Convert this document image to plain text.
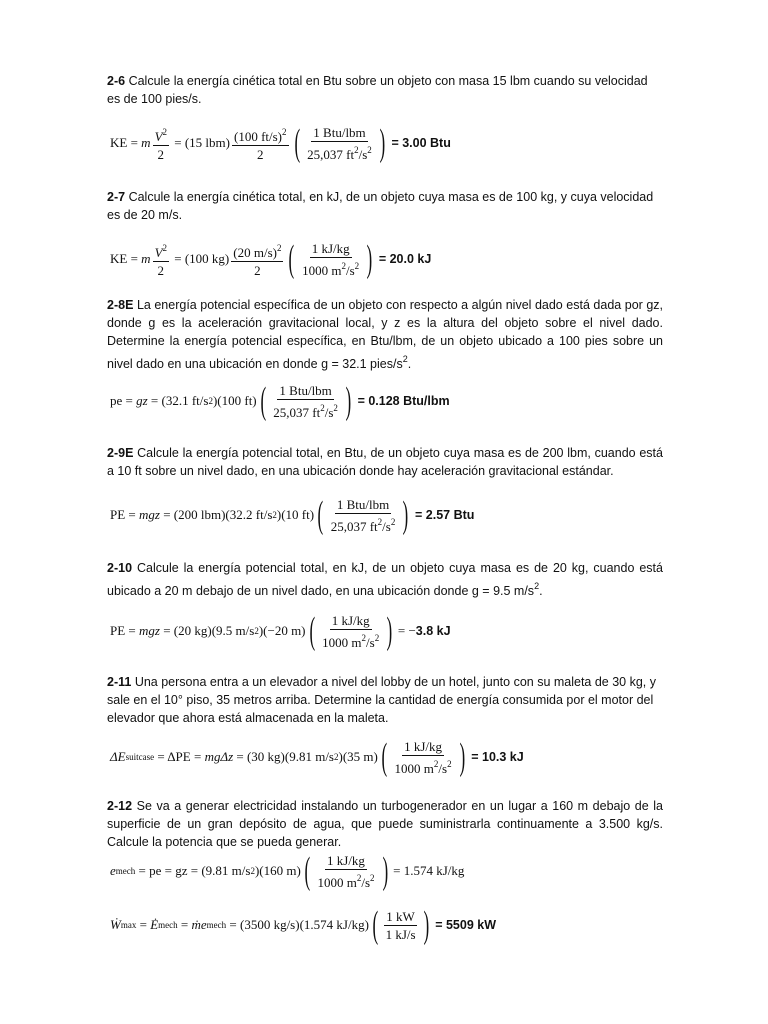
2-6 Calcule la energía cinética total en Btu sobre un objeto con masa 15 lbm cuando su velocidad es de 100 pies/s.
KE = m $\frac{V^2}{2} = (15$ $lbm) \frac{(100 ft/s)^2}{2}$ ( $\frac{\text{1 Btu/lbm}}{25,037 ft^2/s^2}$ ) = 3.00 Btu
2-7 Calcule la energía cinética total, en kJ, de un objeto cuya masa es de 100 kg, y cuya velocidad es de 20 m/s.
KE = m $\frac{V^2}{2} = (100$ $kg) \frac{(20 m/s)^2}{2}$ ( $\frac{1 kJ/kg}{1000 m^2/s^2}$ ) = 20.0 kJ
2-8E La energía potencial específica de un objeto con respecto a algún nivel dado está dada por gz, donde g es la aceleración gravitacional local, y z es la altura del objeto sobre el nivel dado. Determine la energía potencial específica, en Btu/lbm, de un objeto ubicado a 100 pies sobre un nivel dado en una ubicación en donde g = 32.1 pies/$s^2$.
pe = gz = (32.1 ft/s 2 )(100 ft) ( $\frac{\text{1 Btu/lbm}}{25,037 ft^2/s^2}$ ) = 0.128 Btu/lbm
2-9E Calcule la energía potencial total, en Btu, de un objeto cuya masa es de 200 lbm, cuando está a 10 ft sobre un nivel dado, en una ubicación donde hay aceleración gravitacional estándar.
PE = mgz = (200 lbm)(32.2 ft/s 2 )(10 ft) ( $\frac{\text{1 Btu/lbm}}{25,037 ft^2/s^2}$ ) = 2.57 Btu
2-10 Calcule la energía potencial total, en kJ, de un objeto cuya masa es de 20 kg, cuando está ubicado a 20 m debajo de un nivel dado, en una ubicación donde g = 9.5 $m/s^2$.
PE = mgz = (20 kg)(9.5 m/s 2 )(−20 m) ( $\frac{1 kJ/kg}{1000 m^2/s^2}$ ) = − 3.8 kJ
2-11 Una persona entra a un elevador a nivel del lobby de un hotel, junto con su maleta de 30 kg, y sale en el 10° piso, 35 metros arriba. Determine la cantidad de energía consumida por el motor del elevador que ahora está almacenada en la maleta.
ΔE suitcase = ΔPE = mgΔz = (30 kg)(9.81 m/s 2 )(35 m) ( $\frac{1 kJ/kg}{1000 m^2/s^2}$ ) = 10.3 kJ
2-12 Se va a generar electricidad instalando un turbogenerador en un lugar a 160 m debajo de la superficie de un gran depósito de agua, que puede suministrarla continuamente a 3.500 kg/s. Calcule la potencia que se pueda generar.
e mech = pe = gz = (9.81 m/s 2 )(160 m) ( $\frac{1 kJ/kg}{1000 m^2/s^2}$ ) = 1.574 kJ/kg
Ẇ max = Ė mech = ṁe mech = (3500 kg/s)(1.574 kJ/kg) ( $\frac{1 kW}{1 kJ/s}$ ) = 5509 kW
